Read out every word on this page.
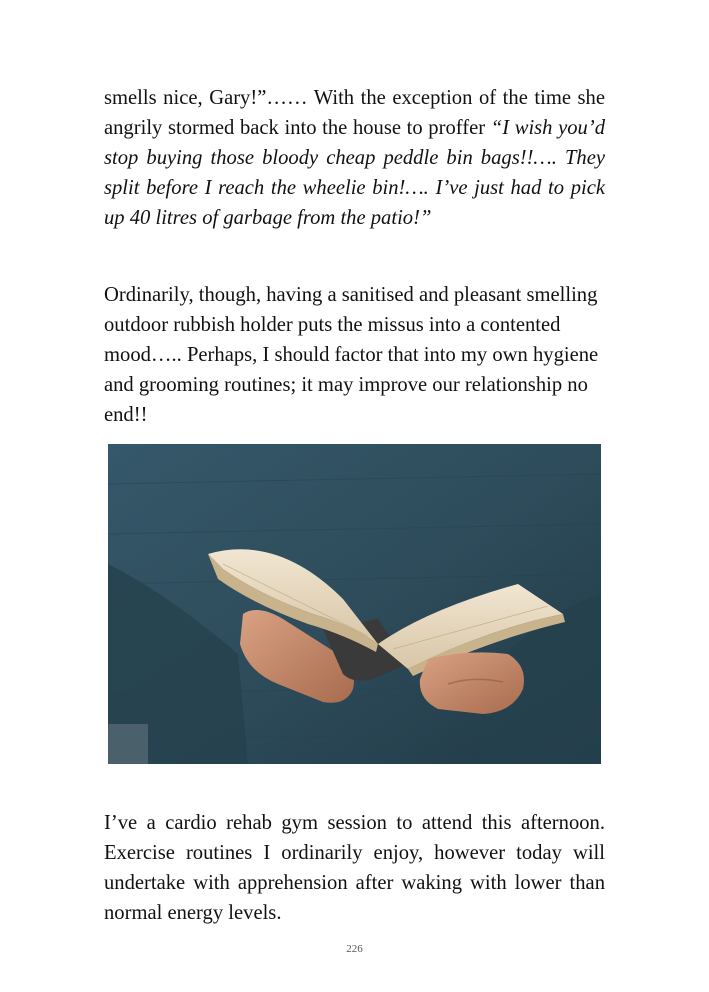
smells nice, Gary!”…… With the exception of the time she angrily stormed back into the house to proffer “I wish you’d stop buying those bloody cheap peddle bin bags!!…. They split before I reach the wheelie bin!…. I’ve just had to pick up 40 litres of garbage from the patio!”

Ordinarily, though, having a sanitised and pleasant smelling outdoor rubbish holder puts the missus into a contented mood….. Perhaps, I should factor that into my own hygiene and grooming routines; it may improve our relationship no end!!

I’ve a cardio rehab gym session to attend this afternoon. Exercise routines I ordinarily enjoy, however today will undertake with apprehension after waking with lower than normal energy levels.

226
